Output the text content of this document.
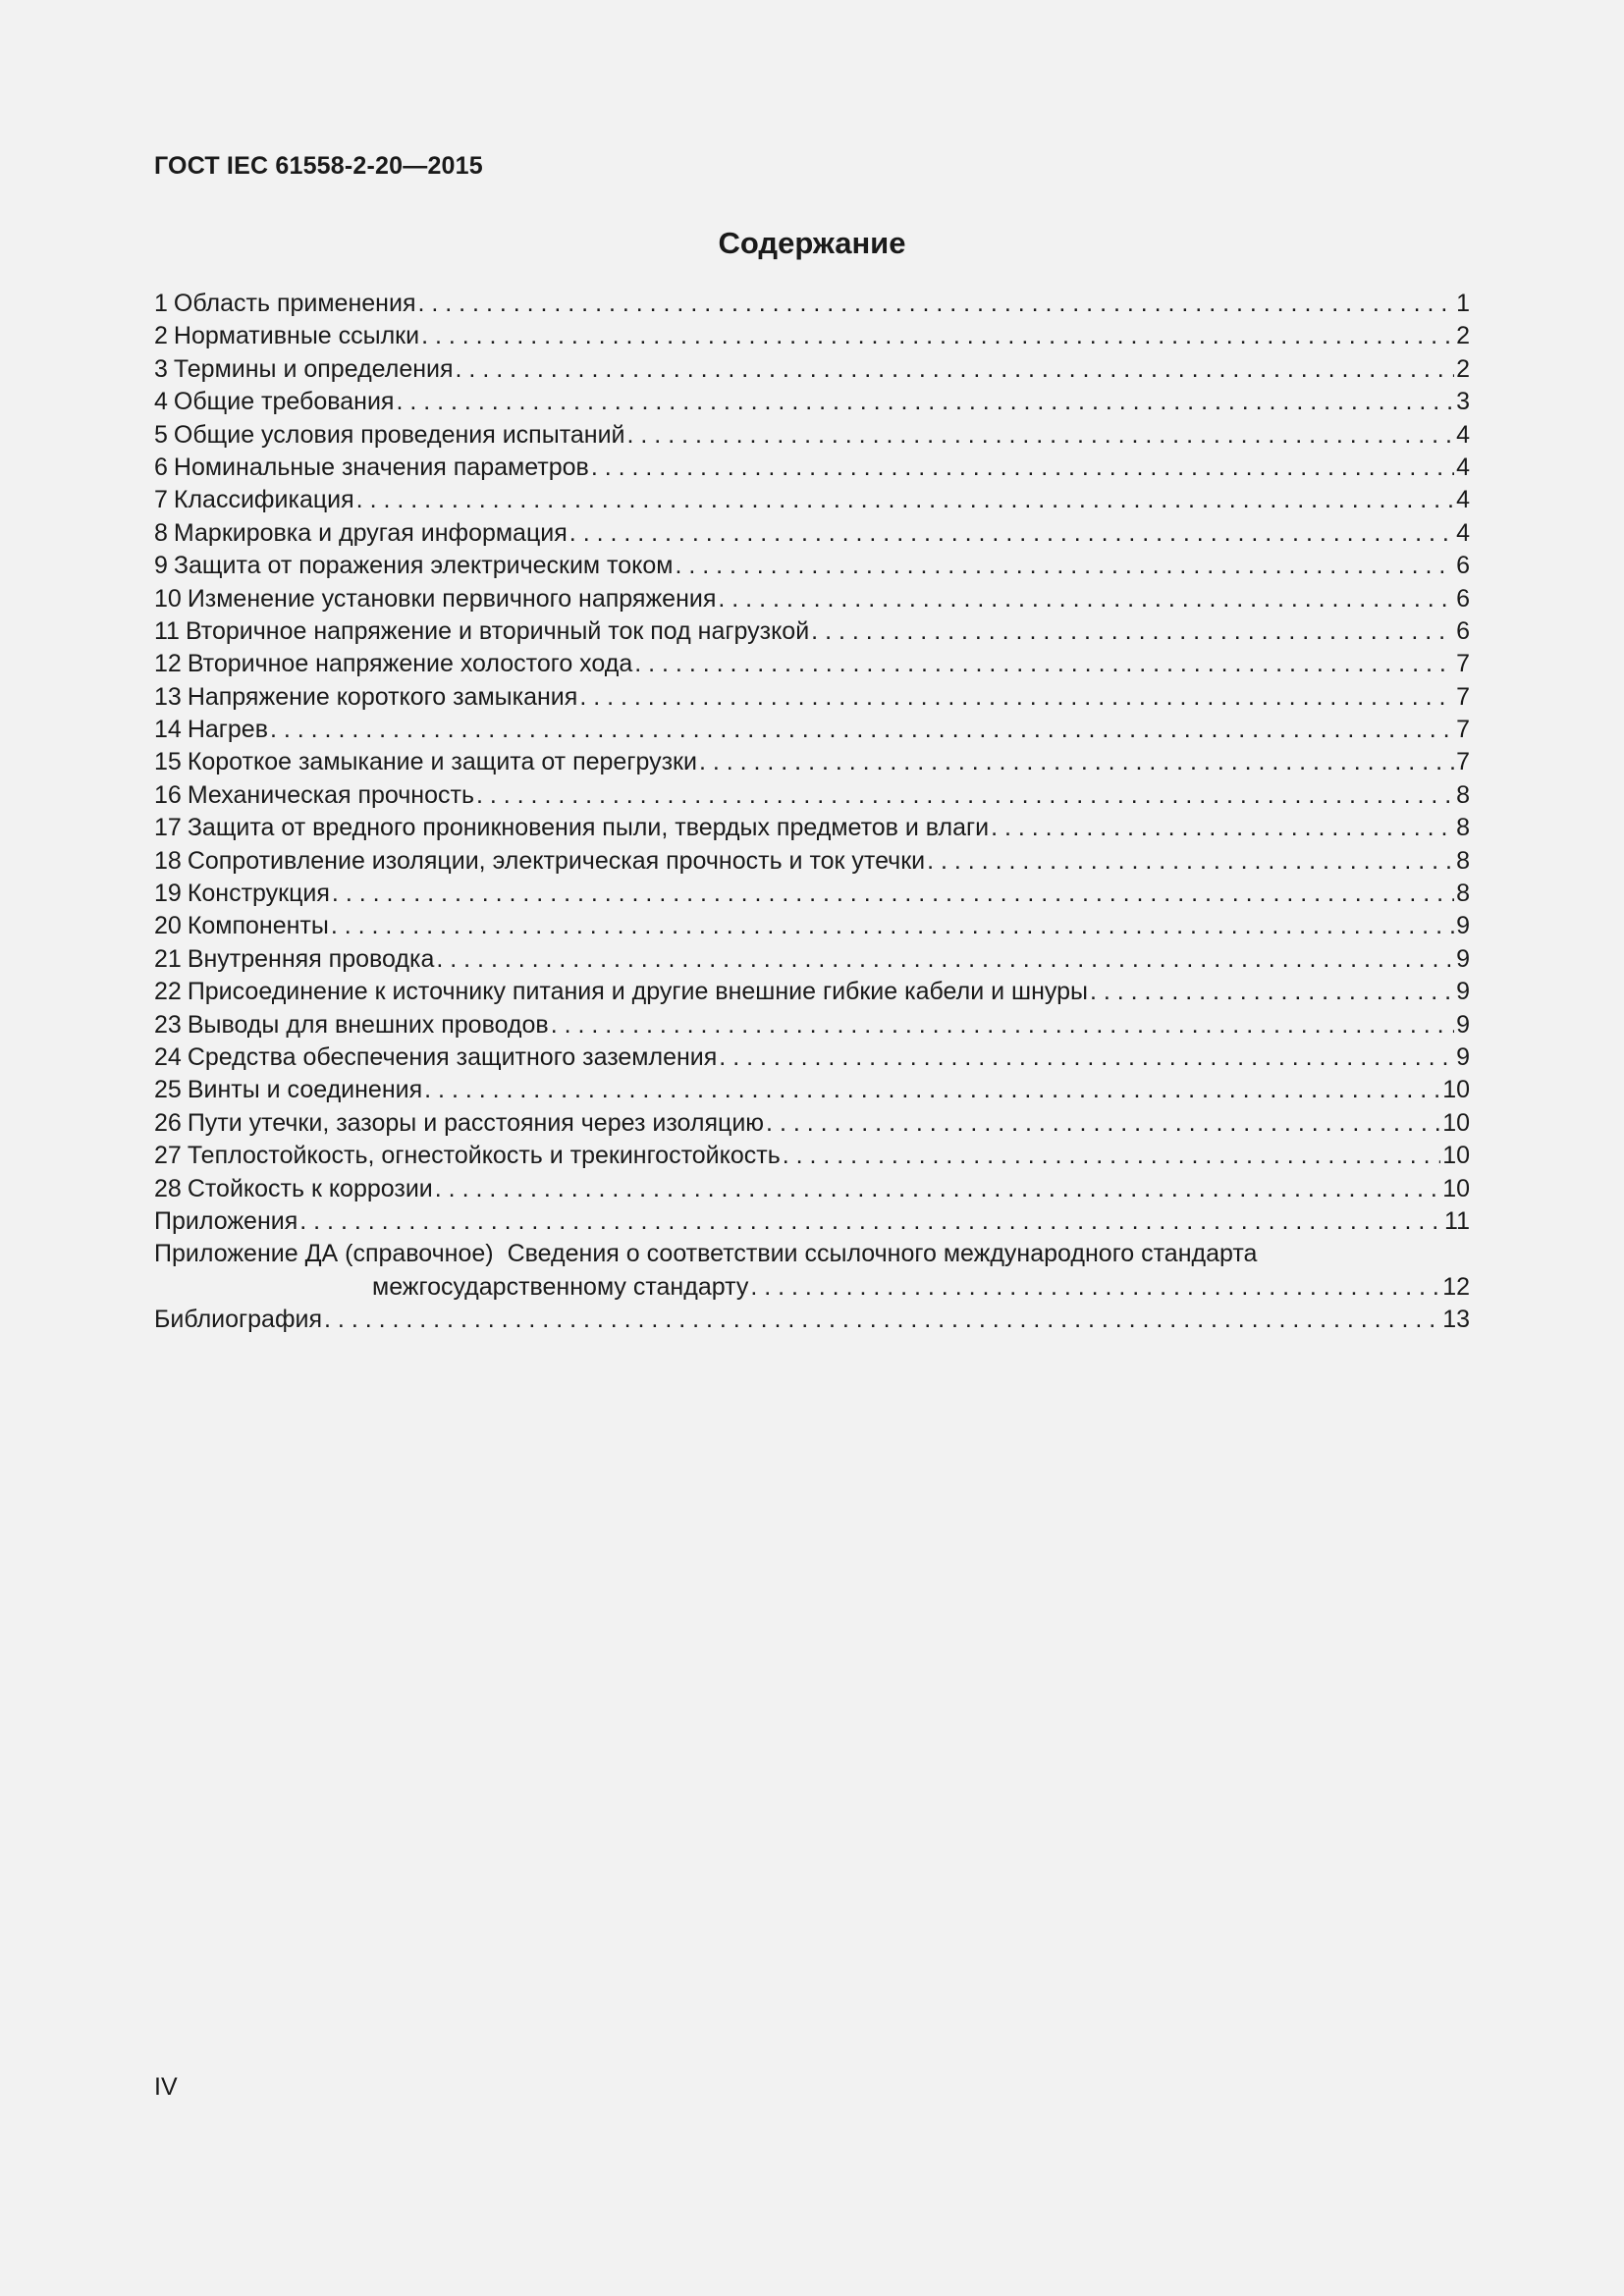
ГОСТ IEC 61558-2-20—2015
Содержание
1 Область применения . . .	1
2 Нормативные ссылки . . .	2
3 Термины и определения . . .	2
4 Общие требования . . .	3
5 Общие условия проведения испытаний . . .	4
6 Номинальные значения параметров . . .	4
7 Классификация . . .	4
8 Маркировка и другая информация . . .	4
9 Защита от поражения электрическим током . . .	6
10 Изменение установки первичного напряжения . . .	6
11 Вторичное напряжение и вторичный ток под нагрузкой . . .	6
12 Вторичное напряжение холостого хода . . .	7
13 Напряжение короткого замыкания . . .	7
14 Нагрев . . .	7
15 Короткое замыкание и защита от перегрузки . . .	7
16 Механическая прочность . . .	8
17 Защита от вредного проникновения пыли, твердых предметов и влаги . . .	8
18 Сопротивление изоляции, электрическая прочность и ток утечки . . .	8
19 Конструкция . . .	8
20 Компоненты . . .	9
21 Внутренняя проводка . . .	9
22 Присоединение к источнику питания и другие внешние гибкие кабели и шнуры . . .	9
23 Выводы для внешних проводов . . .	9
24 Средства обеспечения защитного заземления . . .	9
25 Винты и соединения . . .	10
26 Пути утечки, зазоры и расстояния через изоляцию . . .	10
27 Теплостойкость, огнестойкость и трекингостойкость . . .	10
28 Стойкость к коррозии . . .	10
Приложения . . .	11
Приложение ДА (справочное) Сведения о соответствии ссылочного международного стандарта
межгосударственному стандарту . . .	12
Библиография . . .	13
IV
